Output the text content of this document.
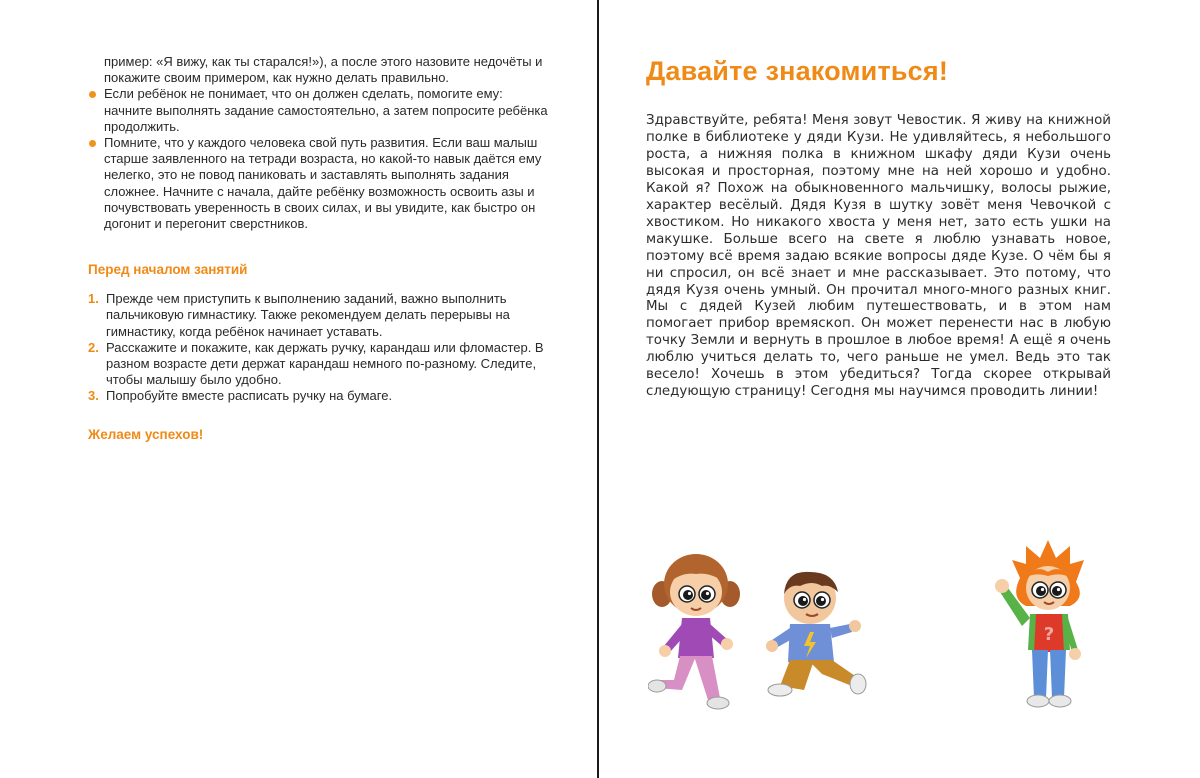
пример: «Я вижу, как ты старался!»), а после этого назовите недочёты и покажите своим примером, как нужно делать правильно.

Если ребёнок не понимает, что он должен сделать, помогите ему: начните выполнять задание самостоятельно, а затем попросите ребёнка продолжить.
Помните, что у каждого человека свой путь развития. Если ваш малыш старше заявленного на тетради возраста, но какой-то навык даётся ему нелегко, это не повод паниковать и заставлять выполнять задания сложнее. Начните с начала, дайте ребёнку возможность освоить азы и почувствовать уверенность в своих силах, и вы увидите, как быстро он догонит и перегонит сверстников.
Перед началом занятий
1. Прежде чем приступить к выполнению заданий, важно выполнить пальчиковую гимнастику. Также рекомендуем делать перерывы на гимнастику, когда ребёнок начинает уставать.
2. Расскажите и покажите, как держать ручку, карандаш или фломастер. В разном возрасте дети держат карандаш немного по-разному. Следите, чтобы малышу было удобно.
3. Попробуйте вместе расписать ручку на бумаге.
Желаем успехов!
Давайте знакомиться!
Здравствуйте, ребята! Меня зовут Чевостик. Я живу на книжной полке в библиотеке у дяди Кузи. Не удивляйтесь, я небольшого роста, а нижняя полка в книжном шкафу дяди Кузи очень высокая и просторная, поэтому мне на ней хорошо и удобно. Какой я? Похож на обыкновенного мальчишку, волосы рыжие, характер весёлый. Дядя Кузя в шутку зовёт меня Чевочкой с хвостиком. Но никакого хвоста у меня нет, зато есть ушки на макушке. Больше всего на свете я люблю узнавать новое, поэтому всё время задаю всякие вопросы дяде Кузе. О чём бы я ни спросил, он всё знает и мне рассказывает. Это потому, что дядя Кузя очень умный. Он прочитал много-много разных книг. Мы с дядей Кузей любим путешествовать, и в этом нам помогает прибор времяскоп. Он может перенести нас в любую точку Земли и вернуть в прошлое в любое время! А ещё я очень люблю учиться делать то, чего раньше не умел. Ведь это так весело! Хочешь в этом убедиться? Тогда скорее открывай следующую страницу! Сегодня мы научимся проводить линии!
?
